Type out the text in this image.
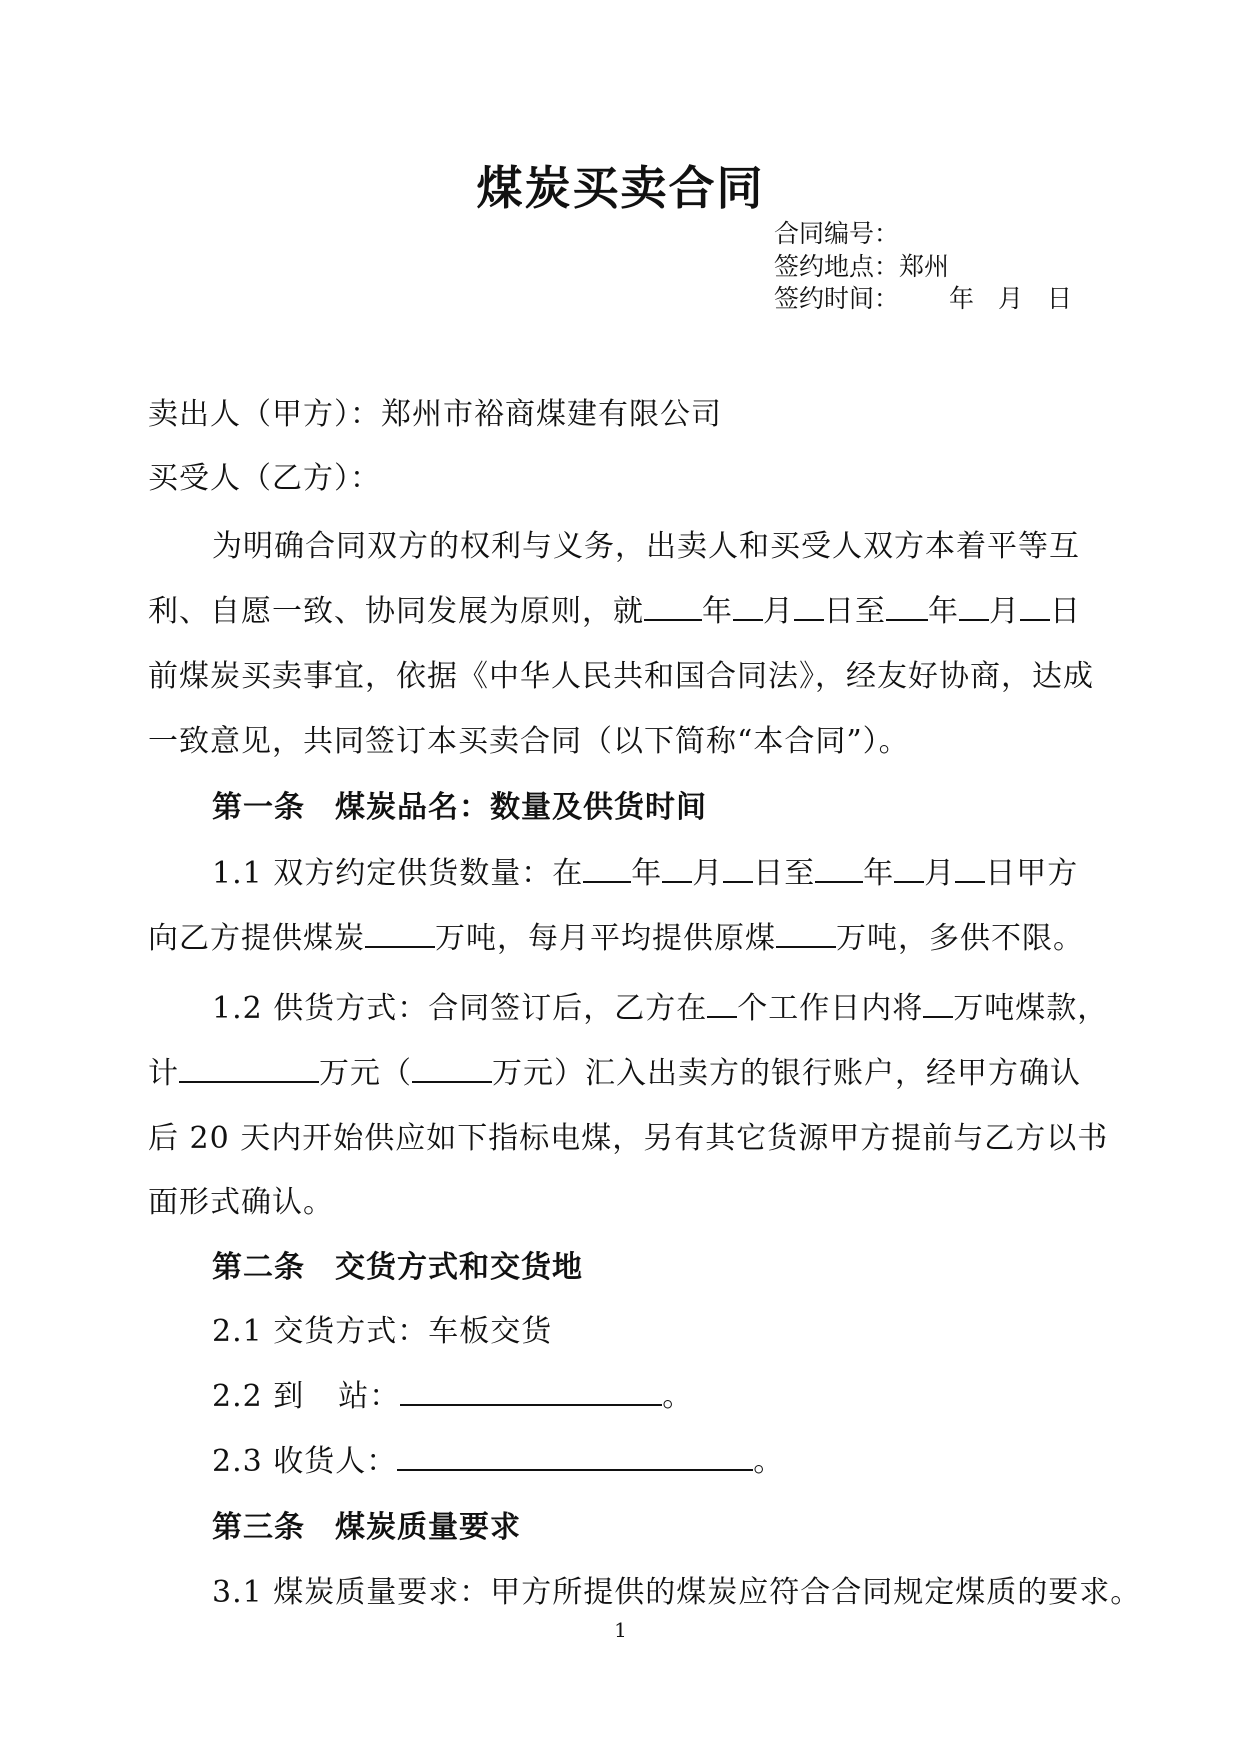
煤炭买卖合同
合同编号：
签约地点：郑州
签约时间： 年 月 日
卖出人（甲方）：郑州市裕商煤建有限公司
买受人（乙方）：
为明确合同双方的权利与义务，出卖人和买受人双方本着平等互
利、自愿一致、协同发展为原则，就 年 月 日至 年 月 日
前煤炭买卖事宜，依据《中华人民共和国合同法》，经友好协商，达成
一致意见，共同签订本买卖合同（以下简称“本合同”）。
第一条 煤炭品名：数量及供货时间
1.1 双方约定供货数量：在 年 月 日至 年 月 日甲方
向乙方提供煤炭 万吨，每月平均提供原煤 万吨，多供不限。
1.2 供货方式：合同签订后，乙方在 个工作日内将 万吨煤款，
计	万元（	万元）汇入出卖方的银行账户，经甲方确认
后 20 天内开始供应如下指标电煤，另有其它货源甲方提前与乙方以书
面形式确认。
第二条 交货方式和交货地
2.1 交货方式：车板交货
2.2 到 站：	。
2.3 收货人：	。
第三条 煤炭质量要求
3.1 煤炭质量要求：甲方所提供的煤炭应符合合同规定煤质的要求。
1
